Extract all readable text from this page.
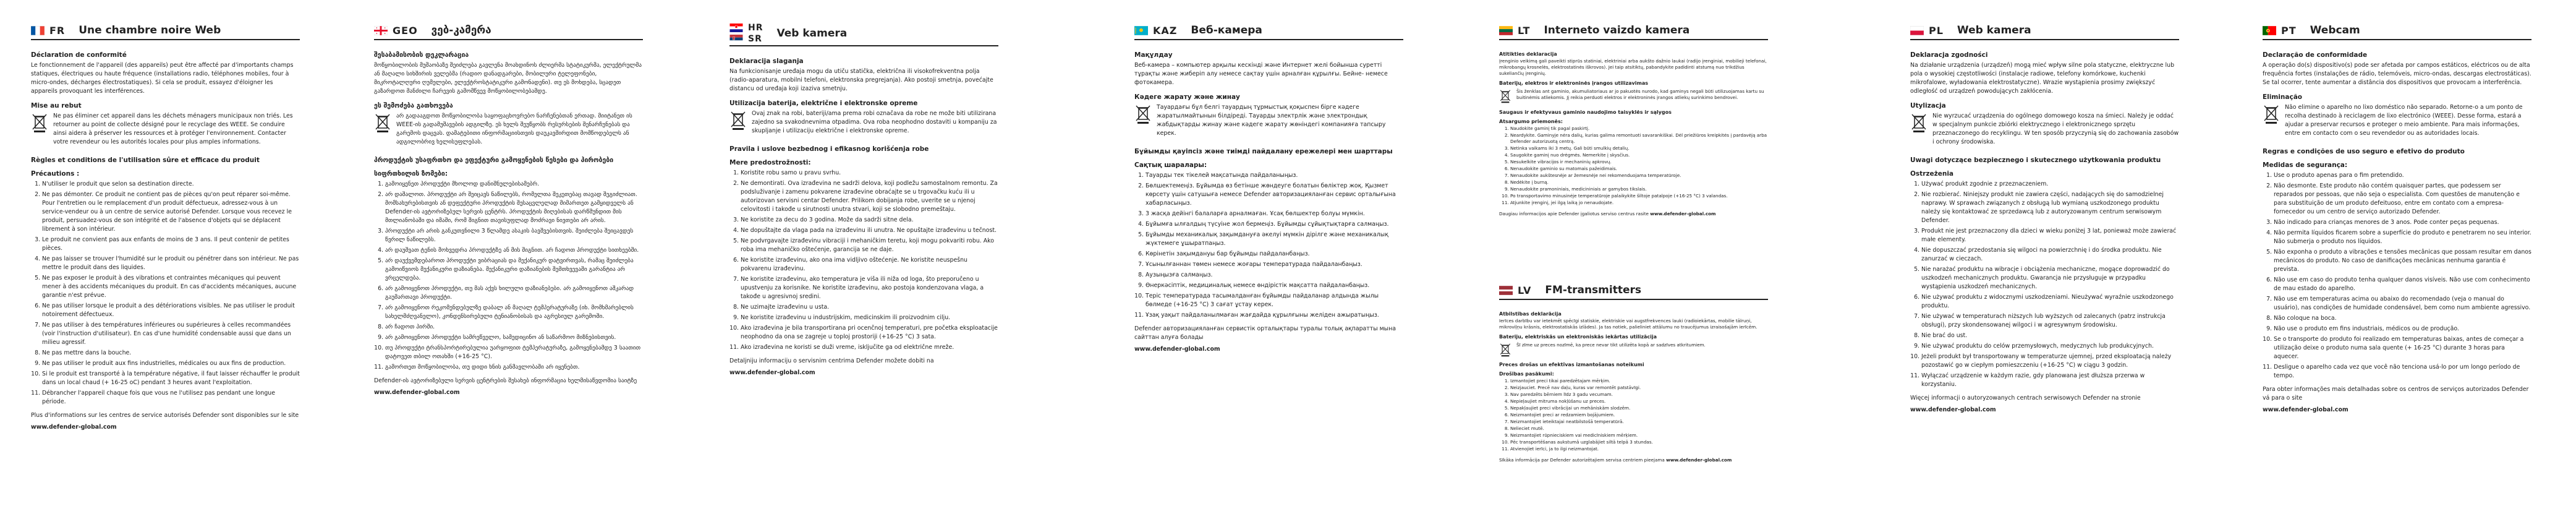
FR Une chambre noire Web
Déclaration de conformité

Le fonctionnement de l'appareil (des appareils) peut être affecté par d'importants champs statiques, électriques ou haute fréquence (installations radio, téléphones mobiles, four à micro-ondes, décharges électrostatiques). Si cela se produit, essayez d'éloigner les appareils provoquant les interférences.

Mise au rebut

Ne pas éliminer cet appareil dans les déchets ménagers municipaux non triés. Les retourner au point de collecte désigné pour le recyclage des WEEE. Se conduire ainsi aidera à préserver les ressources et à protéger l'environnement. Contacter votre revendeur ou les autorités locales pour plus amples informations.

Règles et conditions de l'utilisation sûre et efficace du produit
Précautions :
1. N'utiliser le produit que selon sa destination directe.
2. Ne pas démonter. Ce produit ne contient pas de pièces qu'on peut réparer soi-même. Pour l'entretien ou le remplacement d'un produit défectueux, adressez-vous à un service-vendeur ou à un centre de service autorisé Defender. Lorsque vous recevez le produit, persuadez-vous de son intégrité et de l'absence d'objets qui se déplacent librement à son intérieur.
3. Le produit ne convient pas aux enfants de moins de 3 ans. Il peut contenir de petites pièces.
4. Ne pas laisser se trouver l'humidité sur le produit ou pénétrer dans son intérieur. Ne pas mettre le produit dans des liquides.
5. Ne pas exposer le produit à des vibrations et contraintes mécaniques qui peuvent mener à des accidents mécaniques du produit. En cas d'accidents mécaniques, aucune garantie n'est prévue.
6. Ne pas utiliser lorsque le produit a des détériorations visibles. Ne pas utiliser le produit notoirement défectueux.
7. Ne pas utiliser à des températures inférieures ou supérieures à celles recommandées (voir l'instruction d'utilisateur). En cas d'une humidité condensable aussi que dans un milieu agressif.
8. Ne pas mettre dans la bouche.
9. Ne pas utiliser le produit aux fins industrielles, médicales ou aux fins de production.
10. Si le produit est transporté à la température négative, il faut laisser réchauffer le produit dans un local chaud (+ 16-25 oC) pendant 3 heures avant l'exploitation.
11. Débrancher l'appareil chaque fois que vous ne l'utilisez pas pendant une longue période.

Plus d'informations sur les centres de service autorisés Defender sont disponibles sur le site

www.defender-global.com
GEO ვებ-კამერა
შესაბამისობის დეკლარაცია

მოწყობილობის მუშაობაზე შეიძლება გავლენა მოახდინოს ძლიერმა სტატიკურმა, ელექტრულმა ან მაღალი სიხშირის ველებმა (რადიო დანადგარები, მობილური ტელეფონები, მიკროტალღური ღუმელები, ელექტროსტატიკური გამონადენი). თუ ეს მოხდება, სცადეთ გაზარდოთ მანძილი ჩარევის გამომწვევ მოწყობილობებამდე.

ეს შემოძება გათხოვება

არ გადააგდოთ მოწყობილობა საყოფაცხოვრებო ნარჩენებთან ერთად. მიიტანეთ ის WEEE-ის გადამუშავების ადგილზე. ეს ხელს შეუწყობს რესურსების შენარჩუნებას და გარემოს დაცვას. დამატებითი ინფორმაციისთვის დაუკავშირდით მომწოდებელს ან ადგილობრივ ხელისუფლებას.

პროდუქტის უსაფრთხო და ეფექტური გამოყენების წესები და პირობები
სიფრთხილის ზომები:
1. გამოიყენეთ პროდუქტი მხოლოდ დანიშნულებისამებრ.
2. არ დაშალოთ. პროდუქტი არ შეიცავს ნაწილებს, რომელთა შეკეთებაც თავად შეგიძლიათ. მომსახურებისთვის ან დეფექტური პროდუქტის შესაცვლელად მიმართეთ გამყიდველს ან Defender-ის ავტორიზებულ სერვის ცენტრს. პროდუქტის მიღებისას დარწმუნდით მის მთლიანობაში და იმაში, რომ შიგნით თავისუფლად მოძრავი ნივთები არ არის.
3. პროდუქტი არ არის განკუთვნილი 3 წლამდე ასაკის ბავშვებისთვის. შეიძლება შეიცავდეს წვრილ ნაწილებს.
4. არ დაუშვათ ტენის მოხვედრა პროდუქტზე ან მის შიგნით. არ ჩადოთ პროდუქტი სითხეებში.
5. არ დაუქვემდებაროთ პროდუქტი ვიბრაციას და მექანიკურ დატვირთვას, რამაც შეიძლება გამოიწვიოს მექანიკური დაზიანება. მექანიკური დაზიანების შემთხვევაში გარანტია არ ვრცელდება.
6. არ გამოიყენოთ პროდუქტი, თუ მას აქვს ხილული დაზიანებები. არ გამოიყენოთ აშკარად გაუმართავი პროდუქტი.
7. არ გამოიყენოთ რეკომენდებულზე დაბალ ან მაღალ ტემპერატურაზე (იხ. მომხმარებლის სახელმძღვანელო), კონდენსირებული ტენიანობისას და აგრესიულ გარემოში.
8. არ ჩადოთ პირში.
9. არ გამოიყენოთ პროდუქტი სამრეწველო, სამედიცინო ან საწარმოო მიზნებისთვის.
10. თუ პროდუქტი ტრანსპორტირებულია უარყოფით ტემპერატურაზე, გამოყენებამდე 3 საათით დატოვეთ თბილ ოთახში (+16-25 °С).
11. გამორთეთ მოწყობილობა, თუ დიდი ხნის განმავლობაში არ იყენებთ.

Defender-ის ავტორიზებული სერვის ცენტრების შესახებ ინფორმაცია ხელმისაწვდომია საიტზე

www.defender-global.com
HR
SR Veb kamera
Deklaracija slaganja

Na funkcionisanje uređaja mogu da utiču statička, električna ili visokofrekventna polja (radio-aparatura, mobilni telefoni, elektronska pregrejanja). Ako postoji smetnja, povećajte distancu od uređaja koji izaziva smetnju.

Utilizacija baterija, električne i elektronske opreme

Ovaj znak na robi, bateriji/ama prema robi označava da robe ne može biti utilizirana zajedno sa svakodnevnima otpadima. Ova roba neophodno dostaviti u kompaniju za skupljanje i utilizaciju električne i elektronske opreme.

Pravila i uslove bezbednog i efikasnog korišćenja robe
Mere predostrožnosti:
1. Koristite robu samo u pravu svrhu.
2. Ne demontirati. Ova izrađevina ne sadrži delova, koji podležu samostalnom remontu. Za podsluživanje i zamenu pokvarene izrađevine obraćajte se u trgovačku kuću ili u autorizovan servisni centar Defender. Prilikom dobijanja robe, uverite se u njenoj celovitosti i takođe u sirutnosti unutra stvari, koji se slobodno premeštaju.
3. Ne koristite za decu do 3 godina. Može da sadrži sitne dela.
4. Ne dopuštajte da vlaga pada na izrađevinu ili unutra. Ne opuštajte izrađevinu u tečnost.
5. Ne podvrgavajte izrađevinu vibraciji i mehaničkim teretu, koji mogu pokvariti robu. Ako roba ima mehaničko oštećenje, garancija se ne daje.
6. Ne koristite izrađevinu, ako ona ima vidljivo oštećenje. Ne koristite neuspešnu pokvarenu izrađevinu.
7. Ne koristite izrađevinu, ako temperatura je viša ili niža od loga, što preporučeno u upustvenju za korisnike. Ne koristite izrađevinu, ako postoja kondenzovana vlaga, a takođe u agresivnoj sredini.
8. Ne uzimajte izrađevinu u usta.
9. Ne koristite izrađevinu u industrijskim, medicinskim ili proizvodnim cilju.
10. Ako izrađevina je bila transportirana pri ocenčnoj temperaturi, pre početka eksploatacije neophodno da ona se zagreje u toploj prostoriji (+16-25 °C) 3 sata.
11. Ako izrađevina ne koristi se duži vreme, isključite ga od električne mreže.

Detaljniju informaciju o servisnim centrima Defender možete dobiti na

www.defender-global.com
KAZ Веб-камера
Мақұлдау

Веб-камера – компьютер арқылы кескінді және Интернет желі бойынша суретті тұрақты және жиберіп алу немесе сақтау үшін арналған құрылғы. Бейне- немесе фотокамера.

Кәдеге жарату және жинау

Тауардағы бұл белгі тауардың тұрмыстық қоқыспен бірге кәдеге жаратылмайтынын білдіреді. Тауарды электрлік және электрондық жабдықтарды жинау және кәдеге жарату жөніндегі компанияға тапсыру керек.

Бұйымды қауіпсіз және тиімді пайдалану ережелері мен шарттары
Сақтық шаралары:
1. Тауарды тек тікелей мақсатында пайдаланыңыз.
2. Бөлшектемеңіз. Бұйымда өз бетінше жөндеуге болатын бөліктер жоқ. Қызмет көрсету үшін сатушыға немесе Defender авторизацияланған сервис орталығына хабарласыңыз.
3. 3 жасқа дейінгі балаларға арналмаған. Ұсақ бөлшектер болуы мүмкін.
4. Бұйымға ылғалдың түсуіне жол бермеңіз. Бұйымды сұйықтықтарға салмаңыз.
5. Бұйымды механикалық зақымдануға әкелуі мүмкін дірілге және механикалық жүктемеге ұшыратпаңыз.
6. Көрінетін зақымдануы бар бұйымды пайдаланбаңыз.
7. Ұсынылғаннан төмен немесе жоғары температурада пайдаланбаңыз.
8. Аузыңызға салмаңыз.
9. Өнеркәсіптік, медициналық немесе өндірістік мақсатта пайдаланбаңыз.
10. Теріс температурада тасымалданған бұйымды пайдаланар алдында жылы бөлмеде (+16-25 °С) 3 сағат ұстау керек.
11. Ұзақ уақыт пайдаланылмаған жағдайда құрылғыны желіден ажыратыңыз.

Defender авторизацияланған сервистік орталықтары туралы толық ақпаратты мына сайттан алуға болады

www.defender-global.com
LT Interneto vaizdo kamera
Atitikties deklaracija

Įrenginio veikimą gali paveikti stiprūs statiniai, elektriniai arba aukšto dažnio laukai (radijo įrenginiai, mobilieji telefonai, mikrobangų krosnelės, elektrostatinės iškrovos). Jei taip atsitiktų, pabandykite padidinti atstumą nuo trikdžius sukeliančių įrenginių.

Baterijų, elektros ir elektroninės įrangos utilizavimas

Šis ženklas ant gaminio, akumuliatoriaus ar jo pakuotės nurodo, kad gaminys negali būti utilizuojamas kartu su buitinėmis atliekomis. Jį reikia perduoti elektros ir elektroninės įrangos atliekų surinkimo bendrovei.

Saugaus ir efektyvaus gaminio naudojimo taisyklės ir sąlygos
Atsargumo priemonės:
1. Naudokite gaminį tik pagal paskirtį.
2. Neardykite. Gaminyje nėra dalių, kurias galima remontuoti savarankiškai. Dėl priežiūros kreipkitės į pardavėją arba Defender autorizuotą centrą.
3. Netinka vaikams iki 3 metų. Gali būti smulkių detalių.
4. Saugokite gaminį nuo drėgmės. Nemerkite į skysčius.
5. Nesukelkite vibracijos ir mechaninių apkrovų.
6. Nenaudokite gaminio su matomais pažeidimais.
7. Nenaudokite aukštesnėje ar žemesnėje nei rekomenduojama temperatūroje.
8. Nedėkite į burną.
9. Nenaudokite pramoniniais, medicininiais ar gamybos tikslais.
10. Po transportavimo minusinėje temperatūroje palaikykite šiltoje patalpoje (+16-25 °C) 3 valandas.
11. Atjunkite įrenginį, jei ilgą laiką jo nenaudojate.

Daugiau informacijos apie Defender įgaliotus serviso centrus rasite www.defender-global.com

LV FM-transmitters
Atbilstības deklarācija

Ierīces darbību var ietekmēt spēcīgi statiskie, elektriskie vai augstfrekvences lauki (radioiekārtas, mobilie tālruņi, mikroviļņu krāsnis, elektrostatiskās izlādes). Ja tas notiek, palieliniet attālumu no traucējumus izraisošajām ierīcēm.

Bateriju, elektriskās un elektroniskās iekārtas utilizācija

Šī zīme uz preces nozīmē, ka prece nevar tikt utilizēta kopā ar sadzīves atkritumiem.

Preces drošas un efektīvas izmantošanas noteikumi
Drošības pasākumi:
1. Izmantojiet preci tikai paredzētajam mērķim.
2. Neizjauciet. Precē nav daļu, kuras var remontēt patstāvīgi.
3. Nav paredzēts bērniem līdz 3 gadu vecumam.
4. Nepieļaujiet mitruma nokļūšanu uz preces.
5. Nepakļaujiet preci vibrācijai un mehāniskām slodzēm.
6. Neizmantojiet preci ar redzamiem bojājumiem.
7. Neizmantojiet ieteiktajai neatbilstošā temperatūrā.
8. Nelieciet mutē.
9. Neizmantojiet rūpnieciskiem vai medicīniskiem mērķiem.
10. Pēc transportēšanas aukstumā uzglabājiet siltā telpā 3 stundas.
11. Atvienojiet ierīci, ja to ilgi neizmantojat.

Sīkāka informācija par Defender autorizētajiem servisa centriem pieejama www.defender-global.com

PL Web kamera
Deklaracja zgodności

Na działanie urządzenia (urządzeń) mogą mieć wpływ silne pola statyczne, elektryczne lub pola o wysokiej częstotliwości (instalacje radiowe, telefony komórkowe, kuchenki mikrofalowe, wyładowania elektrostatyczne). Wrazie wystąpienia prosimy zwiększyć odległość od urządzeń powodujących zakłócenia.

Utylizacja

Nie wyrzucać urządzenia do ogólnego domowego kosza na śmieci. Należy je oddać w specjalnym punkcie zbiórki elektrycznego i elektronicznego sprzętu przeznaczonego do recyklingu. W ten sposób przyczynią się do zachowania zasobów i ochrony środowiska.

Uwagi dotyczące bezpiecznego i skutecznego użytkowania produktu
Ostrzeżenia
1. Używać produkt zgodnie z przeznaczeniem.
2. Nie rozbierać. Niniejszy produkt nie zawiera części, nadających się do samodzielnej naprawy. W sprawach związanych z obsługą lub wymianą uszkodzonego produktu należy się kontaktować ze sprzedawcą lub z autoryzowanym centrum serwisowym Defender.
3. Produkt nie jest przeznaczony dla dzieci w wieku poniżej 3 lat, ponieważ może zawierać małe elementy.
4. Nie dopuszczać przedostania się wilgoci na powierzchnię i do środka produktu. Nie zanurzać w cieczach.
5. Nie narażać produktu na wibracje i obciążenia mechaniczne, mogące doprowadzić do uszkodzeń mechanicznych produktu. Gwarancja nie przysługuje w przypadku wystąpienia uszkodzeń mechanicznych.
6. Nie używać produktu z widocznymi uszkodzeniami. Nieużywać wyraźnie uszkodzonego produktu.
7. Nie używać w temperaturach niższych lub wyższych od zalecanych (patrz instrukcja obsługi), przy skondensowanej wilgoci i w agresywnym środowisku.
8. Nie brać do ust.
9. Nie używać produktu do celów przemysłowych, medycznych lub produkcyjnych.
10. Jeżeli produkt był transportowany w temperaturze ujemnej, przed eksploatacją należy pozostawić go w ciepłym pomieszczeniu (+16-25 °C) w ciągu 3 godzin.
11. Wyłączać urządzenie w każdym razie, gdy planowana jest dłuższa przerwa w korzystaniu.

Więcej informacji o autoryzowanych centrach serwisowych Defender na stronie

www.defender-global.com
PT Webcam
Declaração de conformidade

A operação do(s) dispositivo(s) pode ser afetada por campos estáticos, eléctricos ou de alta frequência fortes (instalações de rádio, telemóveis, micro-ondas, descargas electrostáticas). Se tal ocorrer, tente aumentar a distância dos dispositivos que provocam a interferência.

Eliminação

Não elimine o aparelho no lixo doméstico não separado. Retorne-o a um ponto de recolha destinado à reciclagem de lixo electrónico (WEEE). Desse forma, estará a ajudar a preservar recursos e proteger o meio ambiente. Para mais informações, entre em contacto com o seu revendedor ou as autoridades locais.

Regras e condições de uso seguro e efetivo do produto
Medidas de segurança:
1. Use o produto apenas para o fim pretendido.
2. Não desmonte. Este produto não contém quaisquer partes, que podessem ser reparados por pessoas, que não seja o especialista. Com questões de manutenção e para substituição de um produto defeituoso, entre em contato com a empresa-fornecedor ou um centro de serviço autorizado Defender.
3. Não indicado para crianças menores de 3 anos. Pode conter peças pequenas.
4. Não permita líquidos ficarem sobre a superfície do produto e penetrarem no seu interior. Não submerja o produto nos líquidos.
5. Não exponha o produto a vibrações e tensões mecânicas que possam resultar em danos mecânicos do produto. No caso de danificações mecânicas nenhuma garantia é prevista.
6. Não use em caso do produto tenha qualquer danos visíveis. Não use com conhecimento de mau estado do aparelho.
7. Não use em temperaturas acima ou abaixo do recomendado (veja o manual do usuário), nas condições de humidade condensável, bem como num ambiente agressivo.
8. Não coloque na boca.
9. Não use o produto em fins industriais, médicos ou de produção.
10. Se o transporte do produto foi realizado em temperaturas baixas, antes de começar a utilização deixe o produto numa sala quente (+ 16-25 °C) durante 3 horas para aquecer.
11. Desligue o aparelho cada vez que você não tenciona usá-lo por um longo período de tempo.

Para obter informações mais detalhadas sobre os centros de serviços autorizados Defender vá para o site

www.defender-global.com
